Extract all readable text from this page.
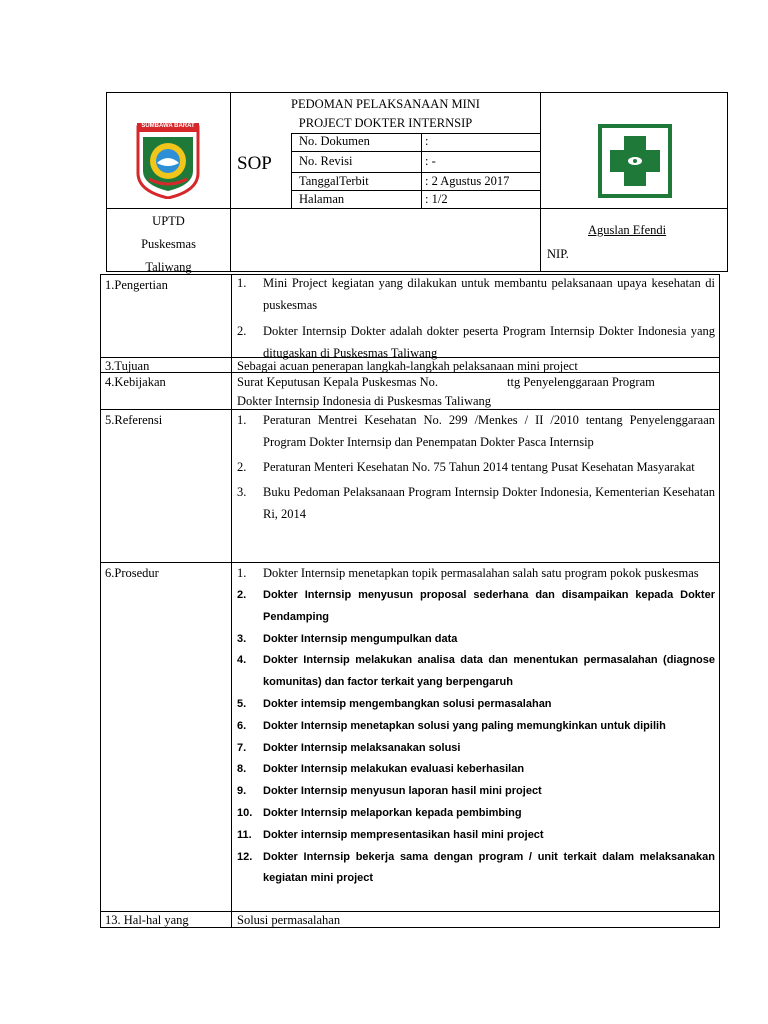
SUMBAWA BARAT
PEDOMAN PELAKSANAAN MINI
PROJECT DOKTER INTERNSIP
SOP
No. Dokumen	:
No. Revisi	: -
TanggalTerbit	: 2 Agustus 2017
Halaman	: 1/2
UPTD
Puskesmas
Taliwang
Aguslan Efendi
NIP.
1.Pengertian	1. Mini Project kegiatan yang dilakukan untuk membantu pelaksanaan upaya kesehatan di puskesmas
2. Dokter Internsip Dokter adalah dokter peserta Program Internsip Dokter Indonesia yang ditugaskan di Puskesmas Taliwang
3.Tujuan	Sebagai acuan penerapan langkah-langkah pelaksanaan mini project
4.Kebijakan	Surat Keputusan Kepala Puskesmas No.	ttg Penyelenggaraan Program
Dokter Internsip Indonesia di Puskesmas Taliwang
5.Referensi	1. Peraturan Mentrei Kesehatan No. 299 /Menkes / II /2010 tentang Penyelenggaraan Program Dokter Internsip dan Penempatan Dokter Pasca Internsip
2. Peraturan Menteri Kesehatan No. 75 Tahun 2014 tentang Pusat Kesehatan Masyarakat
3. Buku Pedoman Pelaksanaan Program Internsip Dokter Indonesia, Kementerian Kesehatan Ri, 2014
6.Prosedur	1. Dokter Internsip menetapkan topik permasalahan salah satu program pokok puskesmas
2. Dokter Internsip menyusun proposal sederhana dan disampaikan kepada Dokter Pendamping
3. Dokter Internsip mengumpulkan data
4. Dokter Internsip melakukan analisa data dan menentukan permasalahan (diagnose komunitas) dan factor terkait yang berpengaruh
5. Dokter intemsip mengembangkan solusi permasalahan
6. Dokter Internsip menetapkan solusi yang paling memungkinkan untuk dipilih
7. Dokter Internsip melaksanakan solusi
8. Dokter Internsip melakukan evaluasi keberhasilan
9. Dokter Internsip menyusun laporan hasil mini project
10. Dokter Internsip melaporkan kepada pembimbing
11. Dokter internsip mempresentasikan hasil mini project
12. Dokter Internsip bekerja sama dengan program / unit terkait dalam melaksanakan kegiatan mini project
13. Hal-hal yang	Solusi permasalahan
